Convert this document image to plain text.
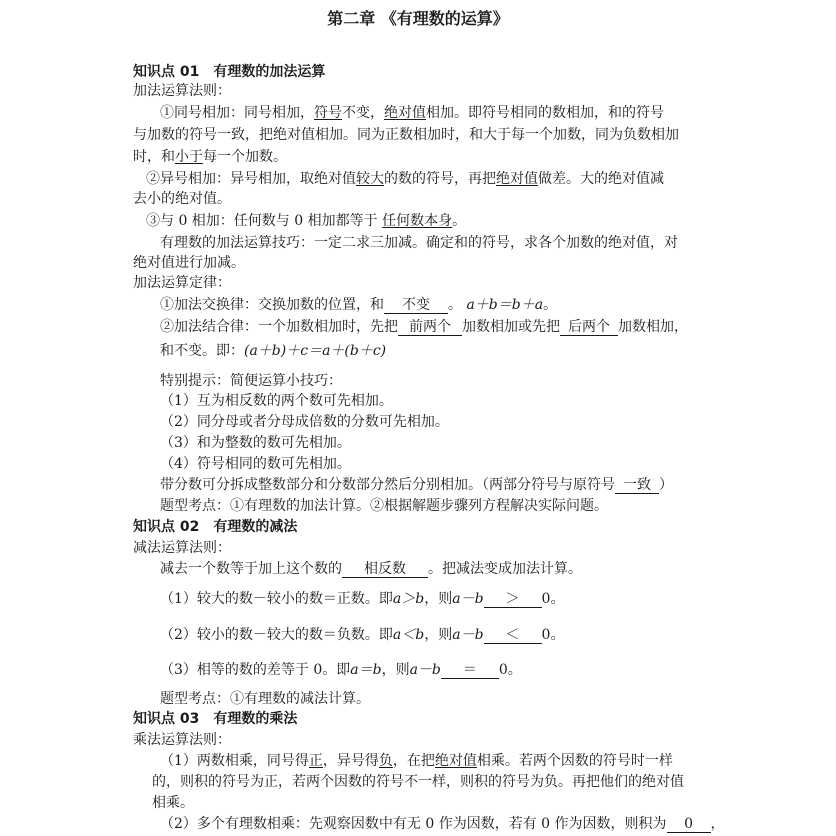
第二章 《有理数的运算》
知识点 01　有理数的加法运算
加法运算法则：
①同号相加：同号相加，符号不变，绝对值相加。即符号相同的数相加，和的符号
与加数的符号一致，把绝对值相加。同为正数相加时，和大于每一个加数，同为负数相加
时，和小于每一个加数。
②异号相加：异号相加，取绝对值较大的数的符号，再把绝对值做差。大的绝对值减
去小的绝对值。
③与 0 相加：任何数与 0 相加都等于 任何数本身。
有理数的加法运算技巧：一定二求三加减。确定和的符号，求各个加数的绝对值，对
绝对值进行加减。
加法运算定律：
①加法交换律：交换加数的位置，和 不变 。 a＋b＝b＋a。
②加法结合律：一个加数相加时，先把 前两个 加数相加或先把 后两个 加数相加，
和不变。即：(a＋b)＋c＝a＋(b＋c)
特别提示：简便运算小技巧：
（1）互为相反数的两个数可先相加。
（2）同分母或者分母成倍数的分数可先相加。
（3）和为整数的数可先相加。
（4）符号相同的数可先相加。
带分数可分拆成整数部分和分数部分然后分别相加。（两部分符号与原符号 一致 ）
题型考点：①有理数的加法计算。②根据解题步骤列方程解决实际问题。
知识点 02　有理数的减法
减法运算法则：
减去一个数等于加上这个数的 相反数 。把减法变成加法计算。
（1）较大的数－较小的数＝正数。即a＞b，则a－b ＞ 0。
（2）较小的数－较大的数＝负数。即a＜b，则a－b ＜ 0。
（3）相等的数的差等于 0。即a＝b，则a－b ＝ 0。
题型考点：①有理数的减法计算。
知识点 03　有理数的乘法
乘法运算法则：
（1）两数相乘，同号得正，异号得负，在把绝对值相乘。若两个因数的符号时一样
的，则积的符号为正，若两个因数的符号不一样，则积的符号为负。再把他们的绝对值
相乘。
（2）多个有理数相乘：先观察因数中有无 0 作为因数，若有 0 作为因数，则积为 0 ，
